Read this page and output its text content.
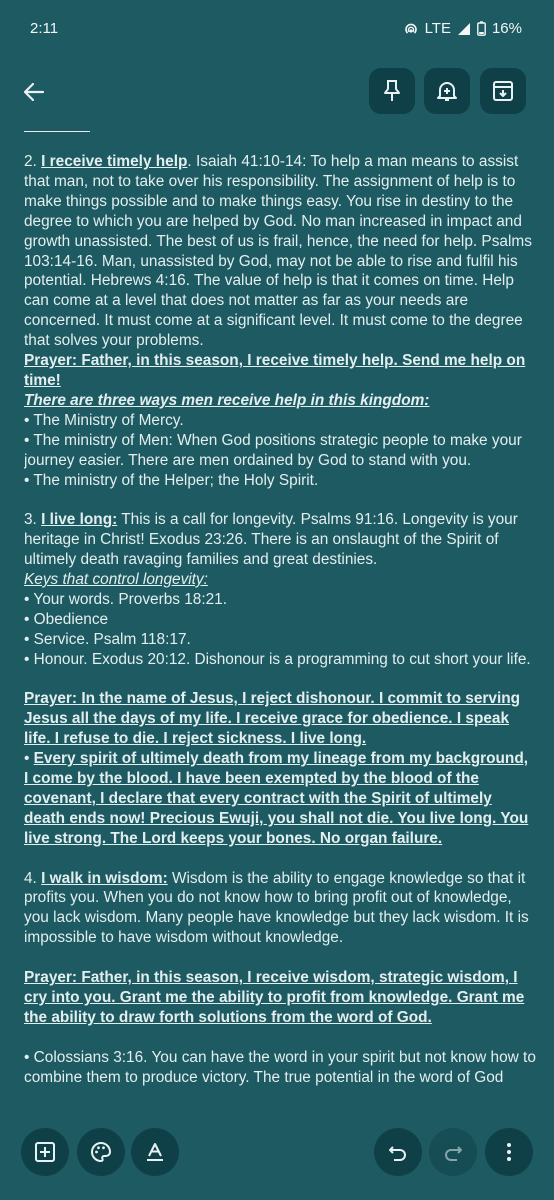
2:11	LTE	16%

2. I receive timely help. Isaiah 41:10-14: To help a man means to assist that man, not to take over his responsibility. The assignment of help is to make things possible and to make things easy. You rise in destiny to the degree to which you are helped by God. No man increased in impact and growth unassisted. The best of us is frail, hence, the need for help. Psalms 103:14-16. Man, unassisted by God, may not be able to rise and fulfil his potential. Hebrews 4:16. The value of help is that it comes on time. Help can come at a level that does not matter as far as your needs are concerned. It must come at a significant level. It must come to the degree that solves your problems.

Prayer: Father, in this season, I receive timely help. Send me help on time!

There are three ways men receive help in this kingdom:

• The Ministry of Mercy.

• The ministry of Men: When God positions strategic people to make your journey easier. There are men ordained by God to stand with you.

• The ministry of the Helper; the Holy Spirit.

3. I live long: This is a call for longevity. Psalms 91:16. Longevity is your heritage in Christ! Exodus 23:26. There is an onslaught of the Spirit of ultimely death ravaging families and great destinies.

Keys that control longevity:

• Your words. Proverbs 18:21.

• Obedience

• Service. Psalm 118:17.

• Honour. Exodus 20:12. Dishonour is a programming to cut short your life.

Prayer: In the name of Jesus, I reject dishonour. I commit to serving Jesus all the days of my life. I receive grace for obedience. I speak life. I refuse to die. I reject sickness. I live long.

• Every spirit of ultimely death from my lineage from my background, I come by the blood. I have been exempted by the blood of the covenant, I declare that every contract with the Spirit of ultimely death ends now! Precious Ewuji, you shall not die. You live long. You live strong. The Lord keeps your bones. No organ failure.

4. I walk in wisdom: Wisdom is the ability to engage knowledge so that it profits you. When you do not know how to bring profit out of knowledge, you lack wisdom. Many people have knowledge but they lack wisdom. It is impossible to have wisdom without knowledge.

Prayer: Father, in this season, I receive wisdom, strategic wisdom, I cry into you. Grant me the ability to profit from knowledge. Grant me the ability to draw forth solutions from the word of God.

• Colossians 3:16. You can have the word in your spirit but not know how to combine them to produce victory. The true potential in the word of God
